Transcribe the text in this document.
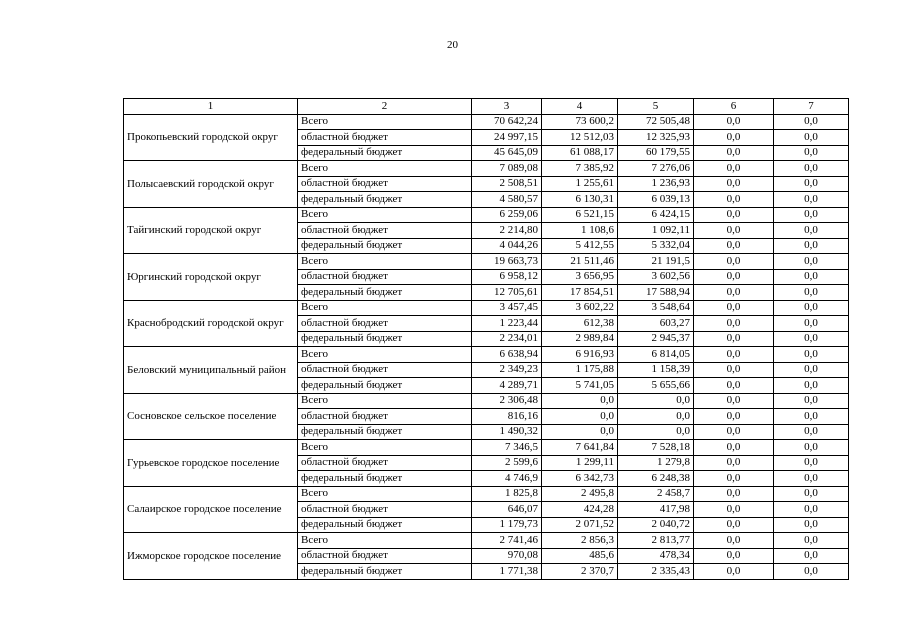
20
1	2	3	4	5	6	7
Прокопьевский городской округ	Всего	70 642,24	73 600,2	72 505,48	0,0	0,0
	областной бюджет	24 997,15	12 512,03	12 325,93	0,0	0,0
	федеральный бюджет	45 645,09	61 088,17	60 179,55	0,0	0,0
Полысаевский городской округ	Всего	7 089,08	7 385,92	7 276,06	0,0	0,0
	областной бюджет	2 508,51	1 255,61	1 236,93	0,0	0,0
	федеральный бюджет	4 580,57	6 130,31	6 039,13	0,0	0,0
Тайгинский городской округ	Всего	6 259,06	6 521,15	6 424,15	0,0	0,0
	областной бюджет	2 214,80	1 108,6	1 092,11	0,0	0,0
	федеральный бюджет	4 044,26	5 412,55	5 332,04	0,0	0,0
Юргинский городской округ	Всего	19 663,73	21 511,46	21 191,5	0,0	0,0
	областной бюджет	6 958,12	3 656,95	3 602,56	0,0	0,0
	федеральный бюджет	12 705,61	17 854,51	17 588,94	0,0	0,0
Краснобродский городской округ	Всего	3 457,45	3 602,22	3 548,64	0,0	0,0
	областной бюджет	1 223,44	612,38	603,27	0,0	0,0
	федеральный бюджет	2 234,01	2 989,84	2 945,37	0,0	0,0
Беловский муниципальный район	Всего	6 638,94	6 916,93	6 814,05	0,0	0,0
	областной бюджет	2 349,23	1 175,88	1 158,39	0,0	0,0
	федеральный бюджет	4 289,71	5 741,05	5 655,66	0,0	0,0
Сосновское сельское поселение	Всего	2 306,48	0,0	0,0	0,0	0,0
	областной бюджет	816,16	0,0	0,0	0,0	0,0
	федеральный бюджет	1 490,32	0,0	0,0	0,0	0,0
Гурьевское городское поселение	Всего	7 346,5	7 641,84	7 528,18	0,0	0,0
	областной бюджет	2 599,6	1 299,11	1 279,8	0,0	0,0
	федеральный бюджет	4 746,9	6 342,73	6 248,38	0,0	0,0
Салаирское городское поселение	Всего	1 825,8	2 495,8	2 458,7	0,0	0,0
	областной бюджет	646,07	424,28	417,98	0,0	0,0
	федеральный бюджет	1 179,73	2 071,52	2 040,72	0,0	0,0
Ижморское городское поселение	Всего	2 741,46	2 856,3	2 813,77	0,0	0,0
	областной бюджет	970,08	485,6	478,34	0,0	0,0
	федеральный бюджет	1 771,38	2 370,7	2 335,43	0,0	0,0
